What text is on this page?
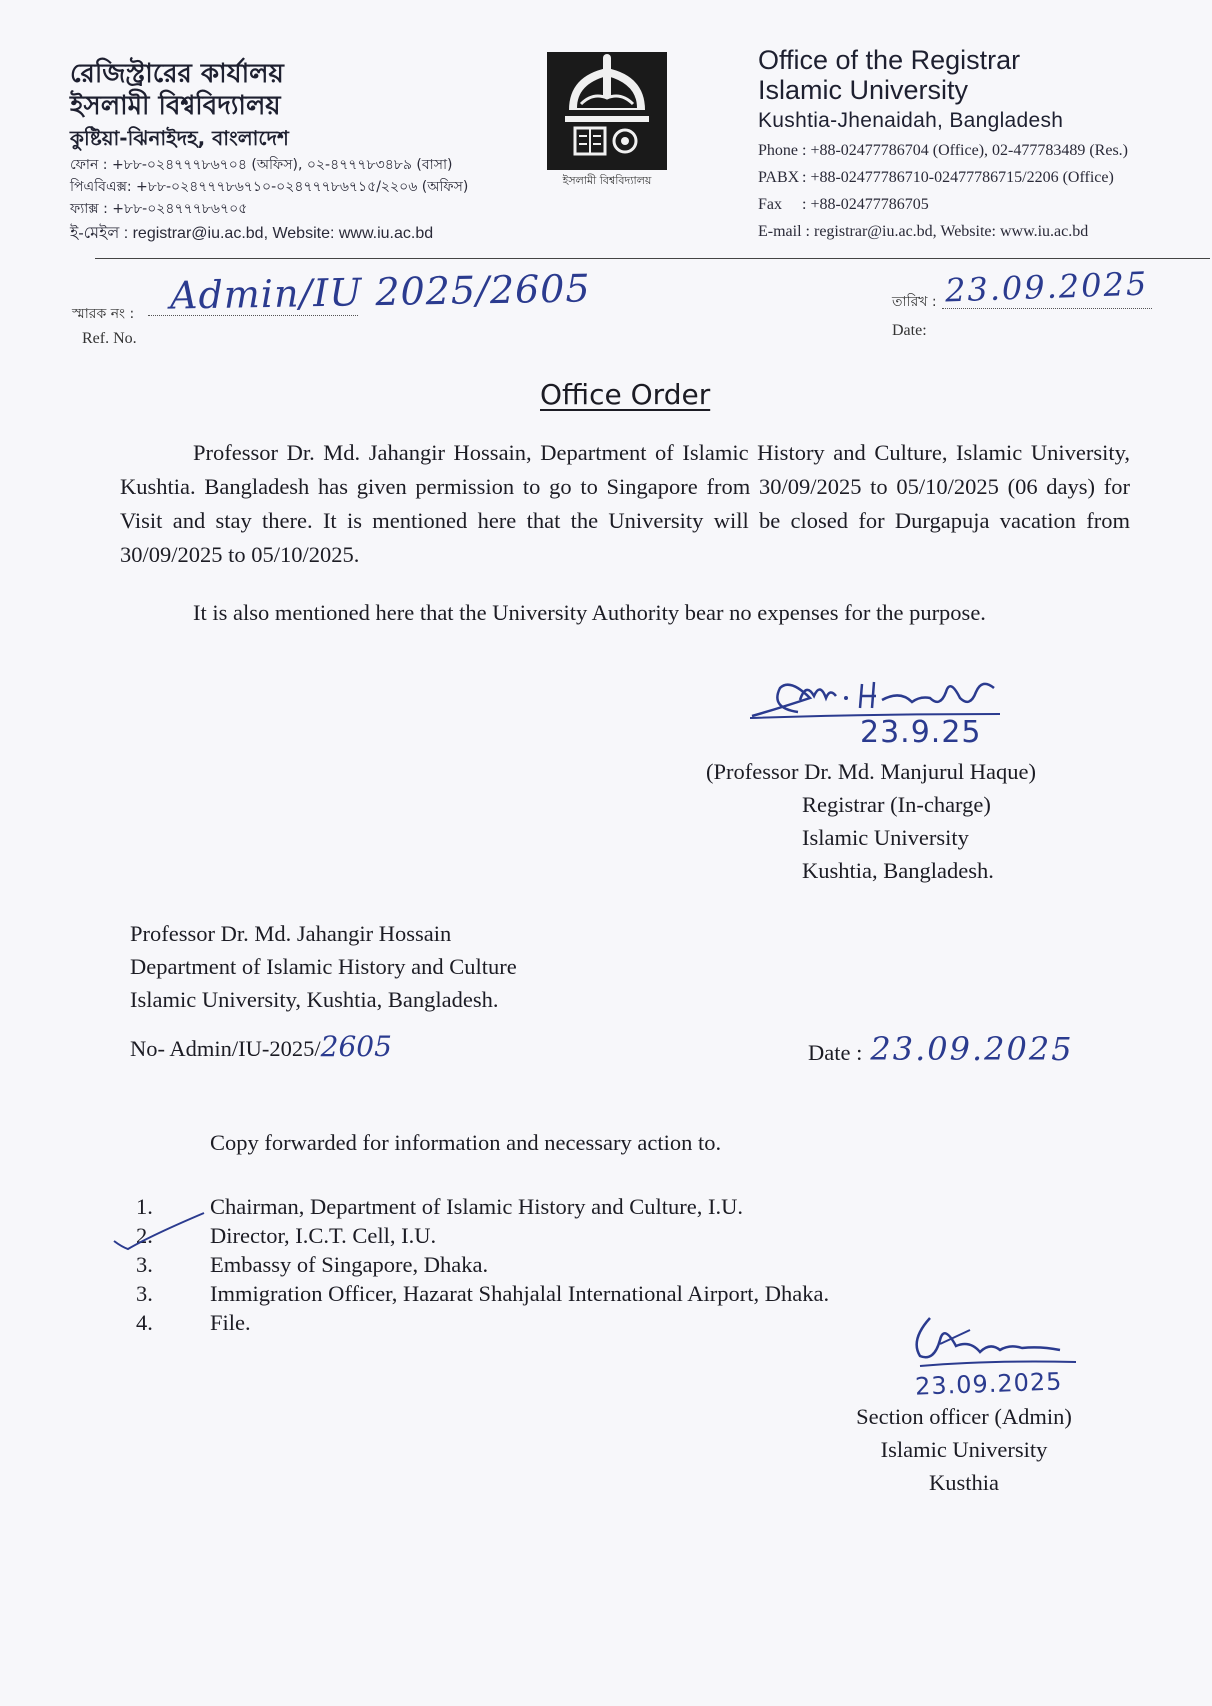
রেজিস্ট্রারের কার্যালয়
ইসলামী বিশ্ববিদ্যালয়
কুষ্টিয়া-ঝিনাইদহ, বাংলাদেশ
ফোন : +৮৮-০২৪৭৭৭৮৬৭০৪ (অফিস), ০২-৪৭৭৭৮৩৪৮৯ (বাসা)
পিএবিএক্স: +৮৮-০২৪৭৭৭৮৬৭১০-০২৪৭৭৭৮৬৭১৫/২২০৬ (অফিস)
ফ্যাক্স : +৮৮-০২৪৭৭৭৮৬৭০৫
ই-মেইল : registrar@iu.ac.bd, Website: www.iu.ac.bd
ইসলামী বিশ্ববিদ্যালয়
Office of the Registrar
Islamic University
Kushtia-Jhenaidah, Bangladesh
Phone : +88-02477786704 (Office), 02-477783489 (Res.)
PABX : +88-02477786710-02477786715/2206 (Office)
Fax : +88-02477786705
E-mail : registrar@iu.ac.bd, Website: www.iu.ac.bd
স্মারক নং : Admin/IU 2025/2605
Ref. No.
তারিখ : 23.09.2025
Date:
Office Order
Professor Dr. Md. Jahangir Hossain, Department of Islamic History and Culture, Islamic University, Kushtia. Bangladesh has given permission to go to Singapore from 30/09/2025 to 05/10/2025 (06 days) for Visit and stay there. It is mentioned here that the University will be closed for Durgapuja vacation from 30/09/2025 to 05/10/2025.
It is also mentioned here that the University Authority bear no expenses for the purpose.
23.9.25
(Professor Dr. Md. Manjurul Haque)
Registrar (In-charge)
Islamic University
Kushtia, Bangladesh.
Professor Dr. Md. Jahangir Hossain
Department of Islamic History and Culture
Islamic University, Kushtia, Bangladesh.
No- Admin/IU-2025/2605	Date : 23.09.2025
Copy forwarded for information and necessary action to.
1.	Chairman, Department of Islamic History and Culture, I.U.
2.	Director, I.C.T. Cell, I.U.
3.	Embassy of Singapore, Dhaka.
3.	Immigration Officer, Hazarat Shahjalal International Airport, Dhaka.
4.	File.
23.09.2025
Section officer (Admin)
Islamic University
Kusthia
